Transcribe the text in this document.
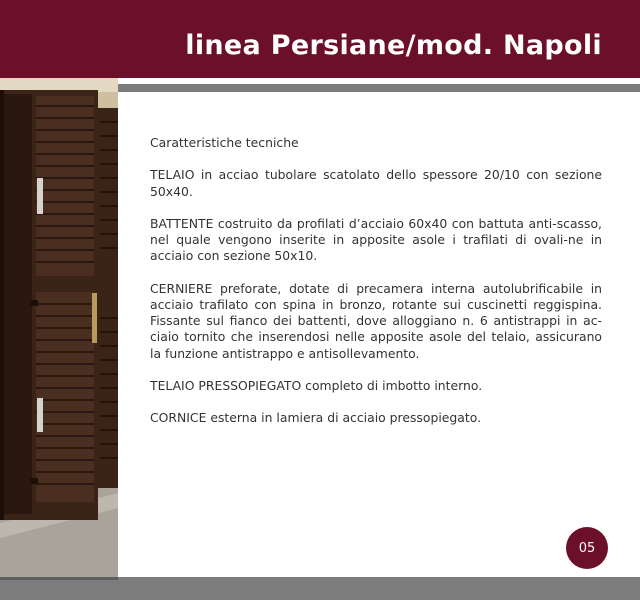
linea Persiane/mod. Napoli

Caratteristiche tecniche

TELAIO in acciao tubolare scatolato dello spessore 20/10 con sezione 50x40.

BATTENTE costruito da profilati d’acciaio 60x40 con battuta anti-scasso, nel quale vengono inserite in apposite asole i trafilati di ovali-ne in acciaio con sezione 50x10.

CERNIERE preforate, dotate di precamera interna autolubrificabile in acciaio trafilato con spina in bronzo, rotante sui cuscinetti reggispina. Fissante sul fianco dei battenti, dove alloggiano n. 6 antistrappi in ac-ciaio tornito che inserendosi nelle apposite asole del telaio, assicurano la funzione antistrappo e antisollevamento.

TELAIO PRESSOPIEGATO completo di imbotto interno.

CORNICE esterna in lamiera di acciaio pressopiegato.

05
